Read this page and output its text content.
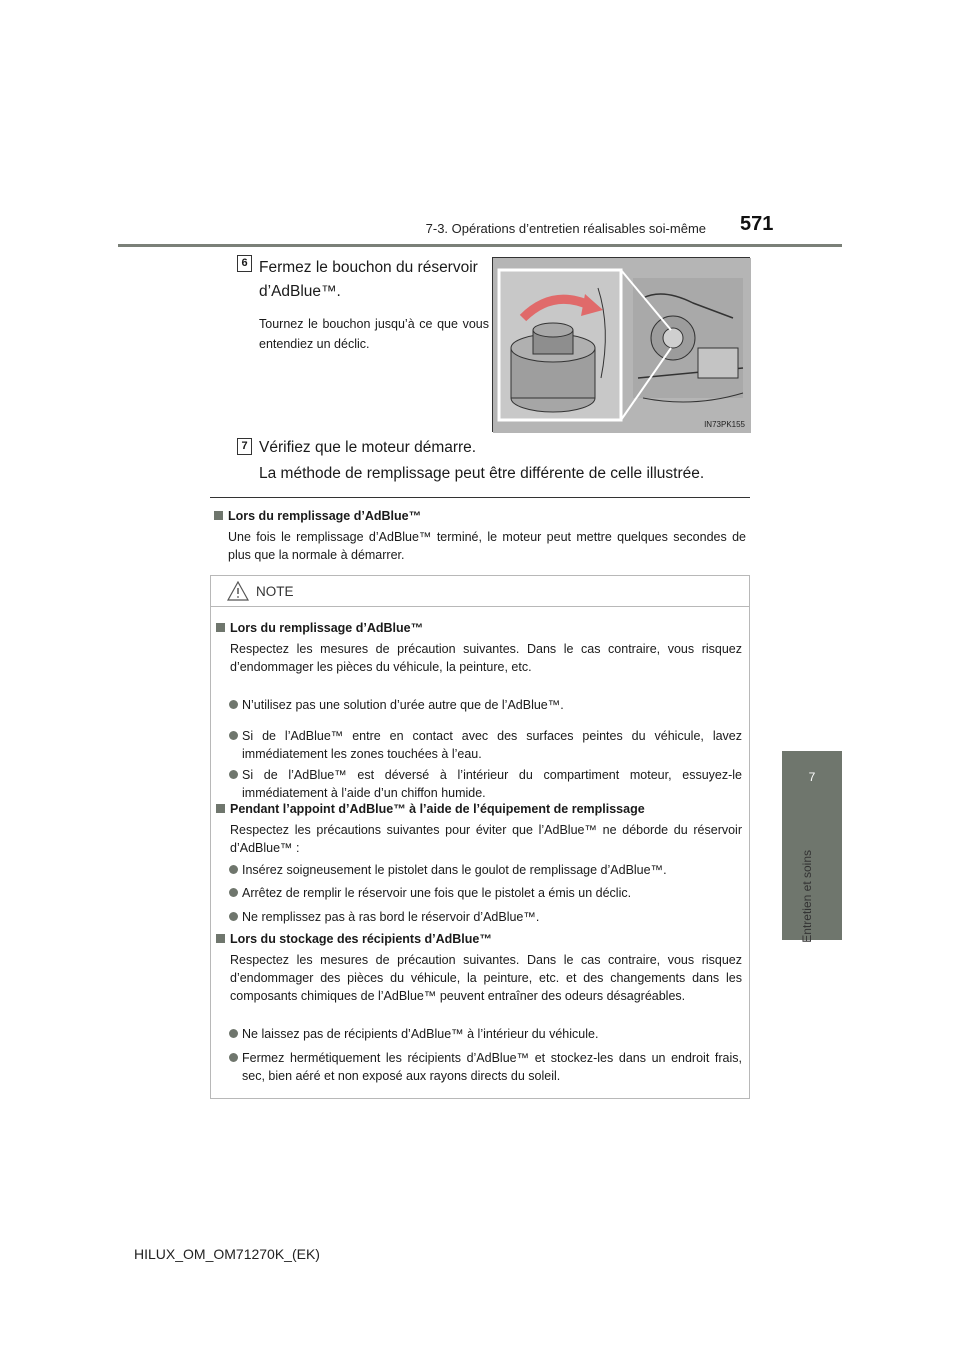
7-3. Opérations d’entretien réalisables soi-même 571
7
Entretien et soins
6 Fermez le bouchon du réservoir d’AdBlue™.
Tournez le bouchon jusqu’à ce que vous entendiez un déclic.
IN73PK155
7 Vérifiez que le moteur démarre.
La méthode de remplissage peut être différente de celle illustrée.
Lors du remplissage d’AdBlue™
Une fois le remplissage d’AdBlue™ terminé, le moteur peut mettre quelques secondes de plus que la normale à démarrer.
NOTE
Lors du remplissage d’AdBlue™
Respectez les mesures de précaution suivantes. Dans le cas contraire, vous risquez d’endommager les pièces du véhicule, la peinture, etc.
N’utilisez pas une solution d’urée autre que de l’AdBlue™.
Si de l’AdBlue™ entre en contact avec des surfaces peintes du véhicule, lavez immédiatement les zones touchées à l’eau.
Si de l’AdBlue™ est déversé à l’intérieur du compartiment moteur, essuyez-le immédiatement à l’aide d’un chiffon humide.
Pendant l’appoint d’AdBlue™ à l’aide de l’équipement de remplissage
Respectez les précautions suivantes pour éviter que l’AdBlue™ ne déborde du réservoir d’AdBlue™ :
Insérez soigneusement le pistolet dans le goulot de remplissage d’AdBlue™.
Arrêtez de remplir le réservoir une fois que le pistolet a émis un déclic.
Ne remplissez pas à ras bord le réservoir d’AdBlue™.
Lors du stockage des récipients d’AdBlue™
Respectez les mesures de précaution suivantes. Dans le cas contraire, vous risquez d’endommager des pièces du véhicule, la peinture, etc. et des changements dans les composants chimiques de l’AdBlue™ peuvent entraîner des odeurs désagréables.
Ne laissez pas de récipients d’AdBlue™ à l’intérieur du véhicule.
Fermez hermétiquement les récipients d’AdBlue™ et stockez-les dans un endroit frais, sec, bien aéré et non exposé aux rayons directs du soleil.
HILUX_OM_OM71270K_(EK)
